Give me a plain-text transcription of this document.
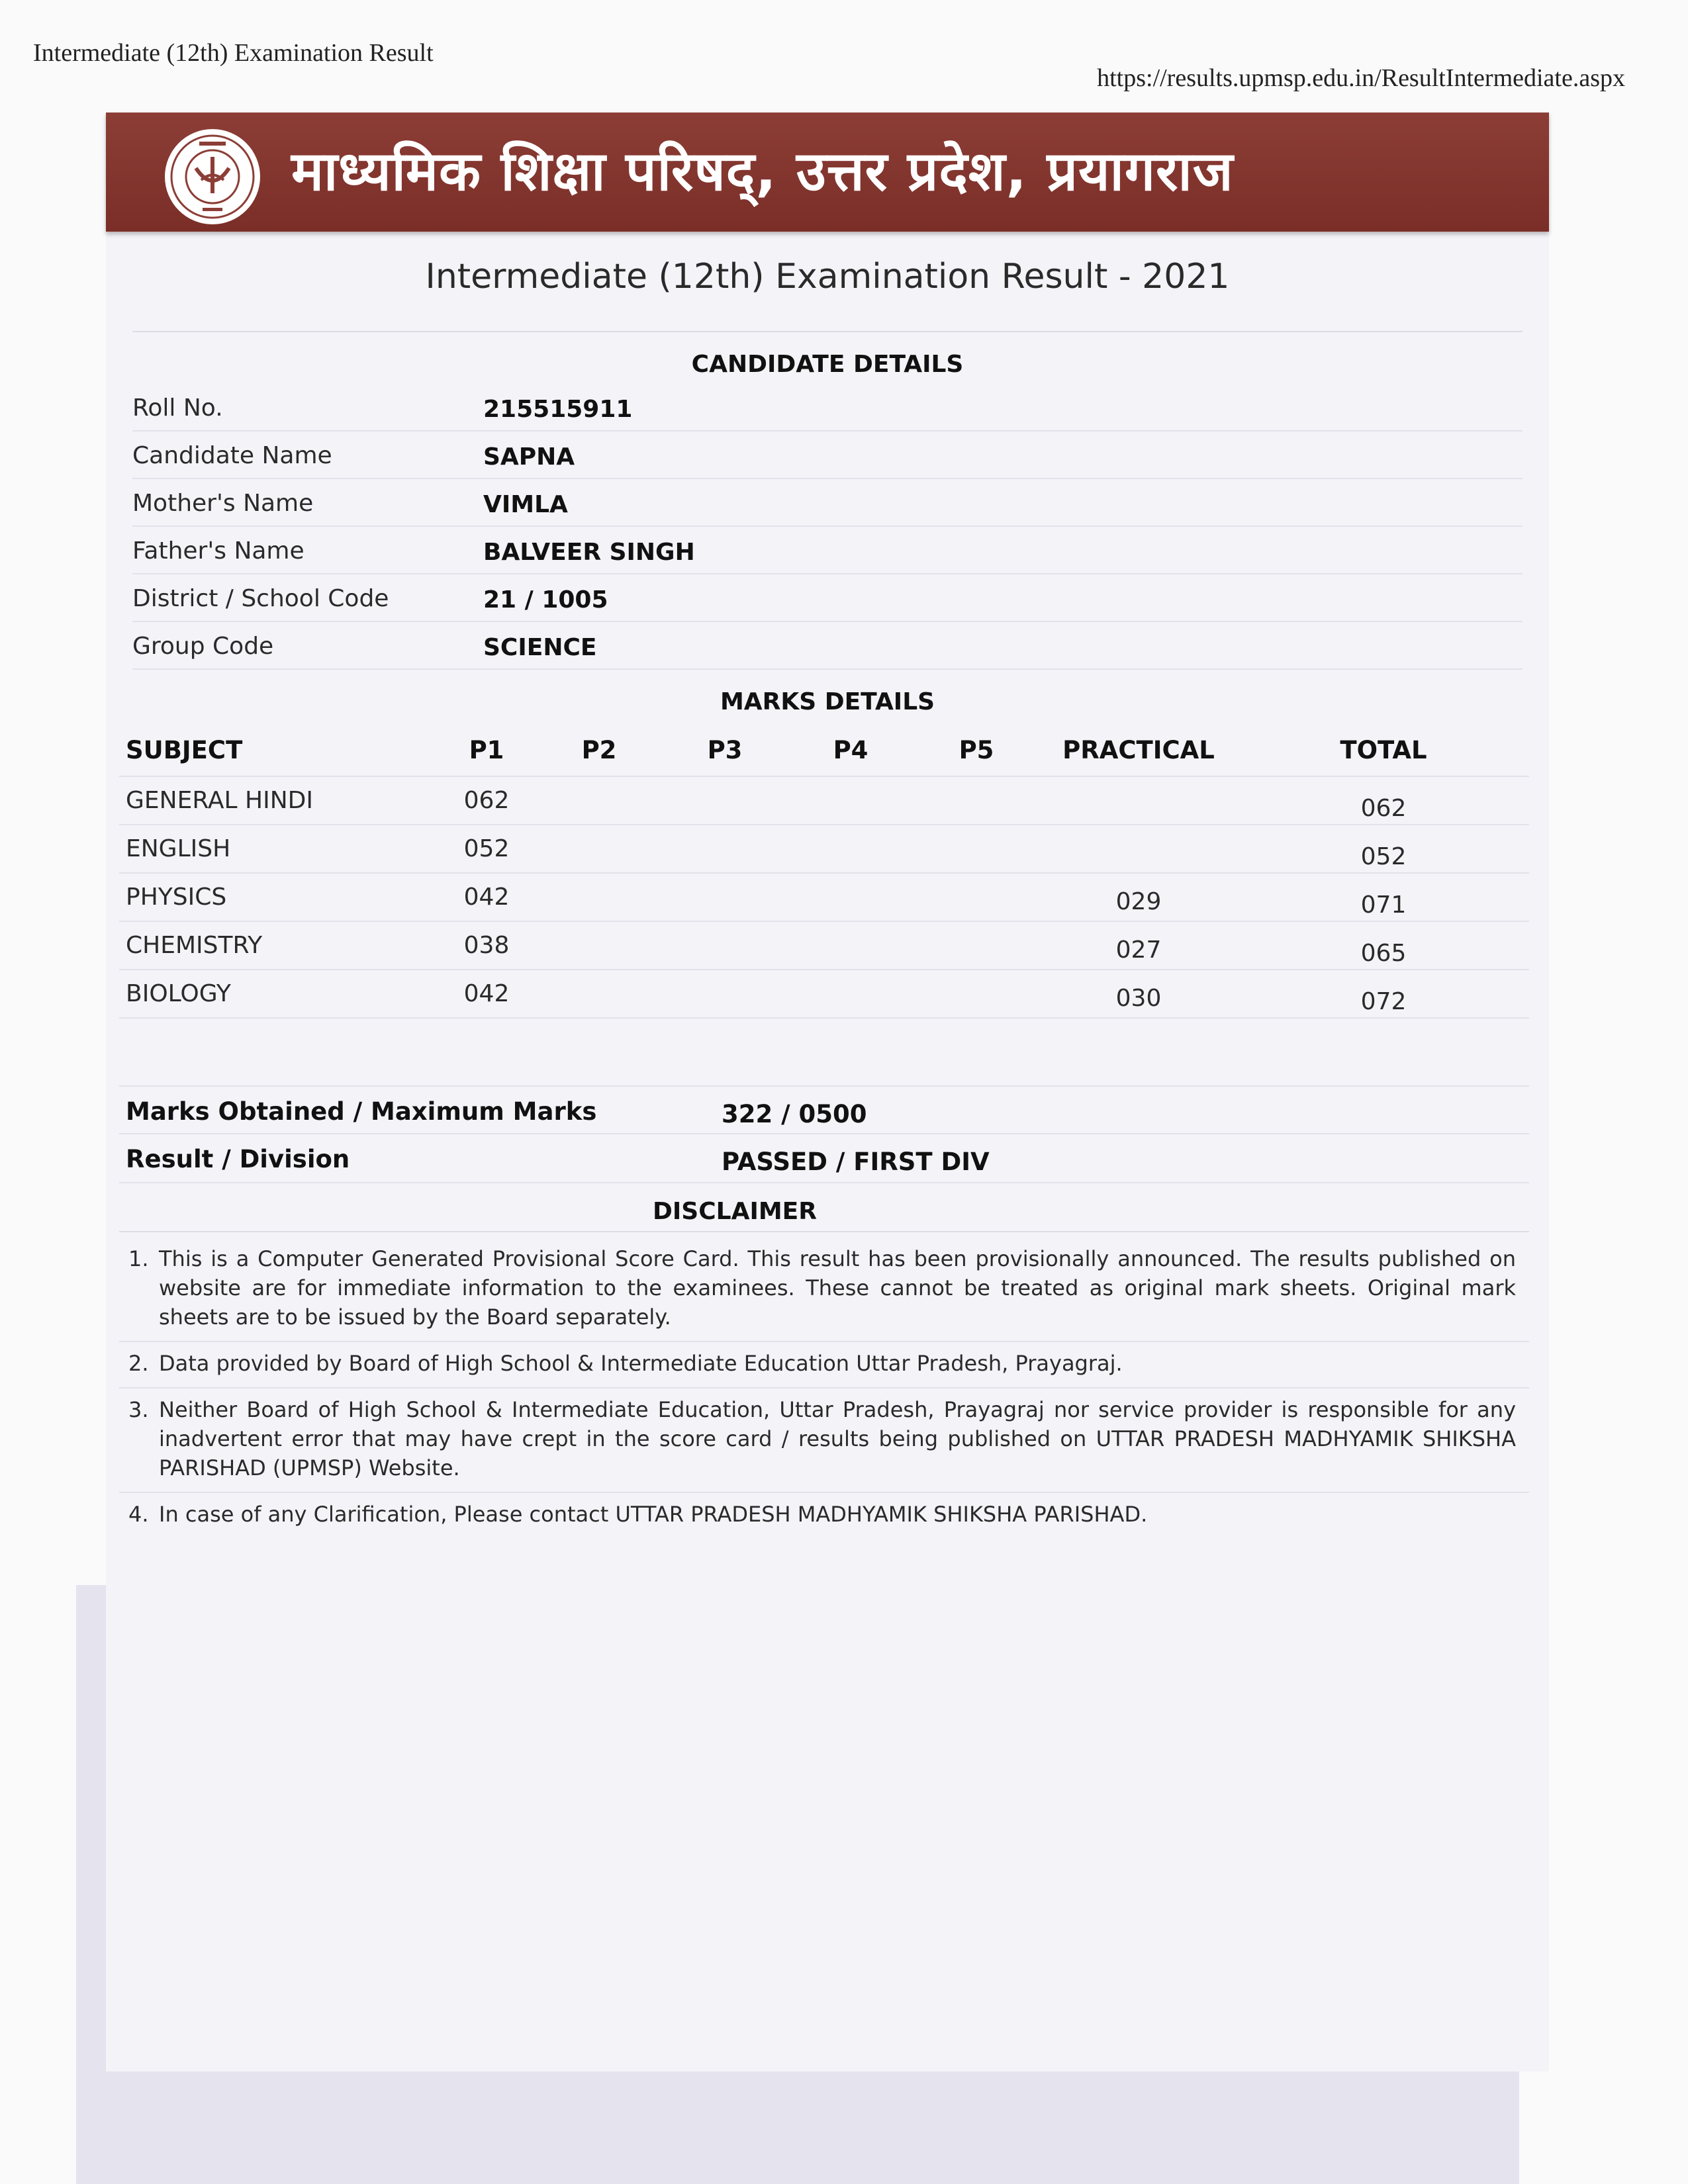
Intermediate (12th) Examination Result
https://results.upmsp.edu.in/ResultIntermediate.aspx
माध्यमिक शिक्षा परिषद्, उत्तर प्रदेश, प्रयागराज
Intermediate (12th) Examination Result - 2021
CANDIDATE DETAILS
Roll No.	215515911
Candidate Name	SAPNA
Mother's Name	VIMLA
Father's Name	BALVEER SINGH
District / School Code	21 / 1005
Group Code	SCIENCE
MARKS DETAILS
SUBJECT	P1	P2	P3	P4	P5	PRACTICAL	TOTAL
GENERAL HINDI	062						062
ENGLISH	052						052
PHYSICS	042					029	071
CHEMISTRY	038					027	065
BIOLOGY	042					030	072
Marks Obtained / Maximum Marks	322 / 0500
Result / Division	PASSED / FIRST DIV
DISCLAIMER
1. This is a Computer Generated Provisional Score Card. This result has been provisionally announced. The results published on website are for immediate information to the examinees. These cannot be treated as original mark sheets. Original mark sheets are to be issued by the Board separately.
2. Data provided by Board of High School & Intermediate Education Uttar Pradesh, Prayagraj.
3. Neither Board of High School & Intermediate Education, Uttar Pradesh, Prayagraj nor service provider is responsible for any inadvertent error that may have crept in the score card / results being published on UTTAR PRADESH MADHYAMIK SHIKSHA PARISHAD (UPMSP) Website.
4. In case of any Clarification, Please contact UTTAR PRADESH MADHYAMIK SHIKSHA PARISHAD.
